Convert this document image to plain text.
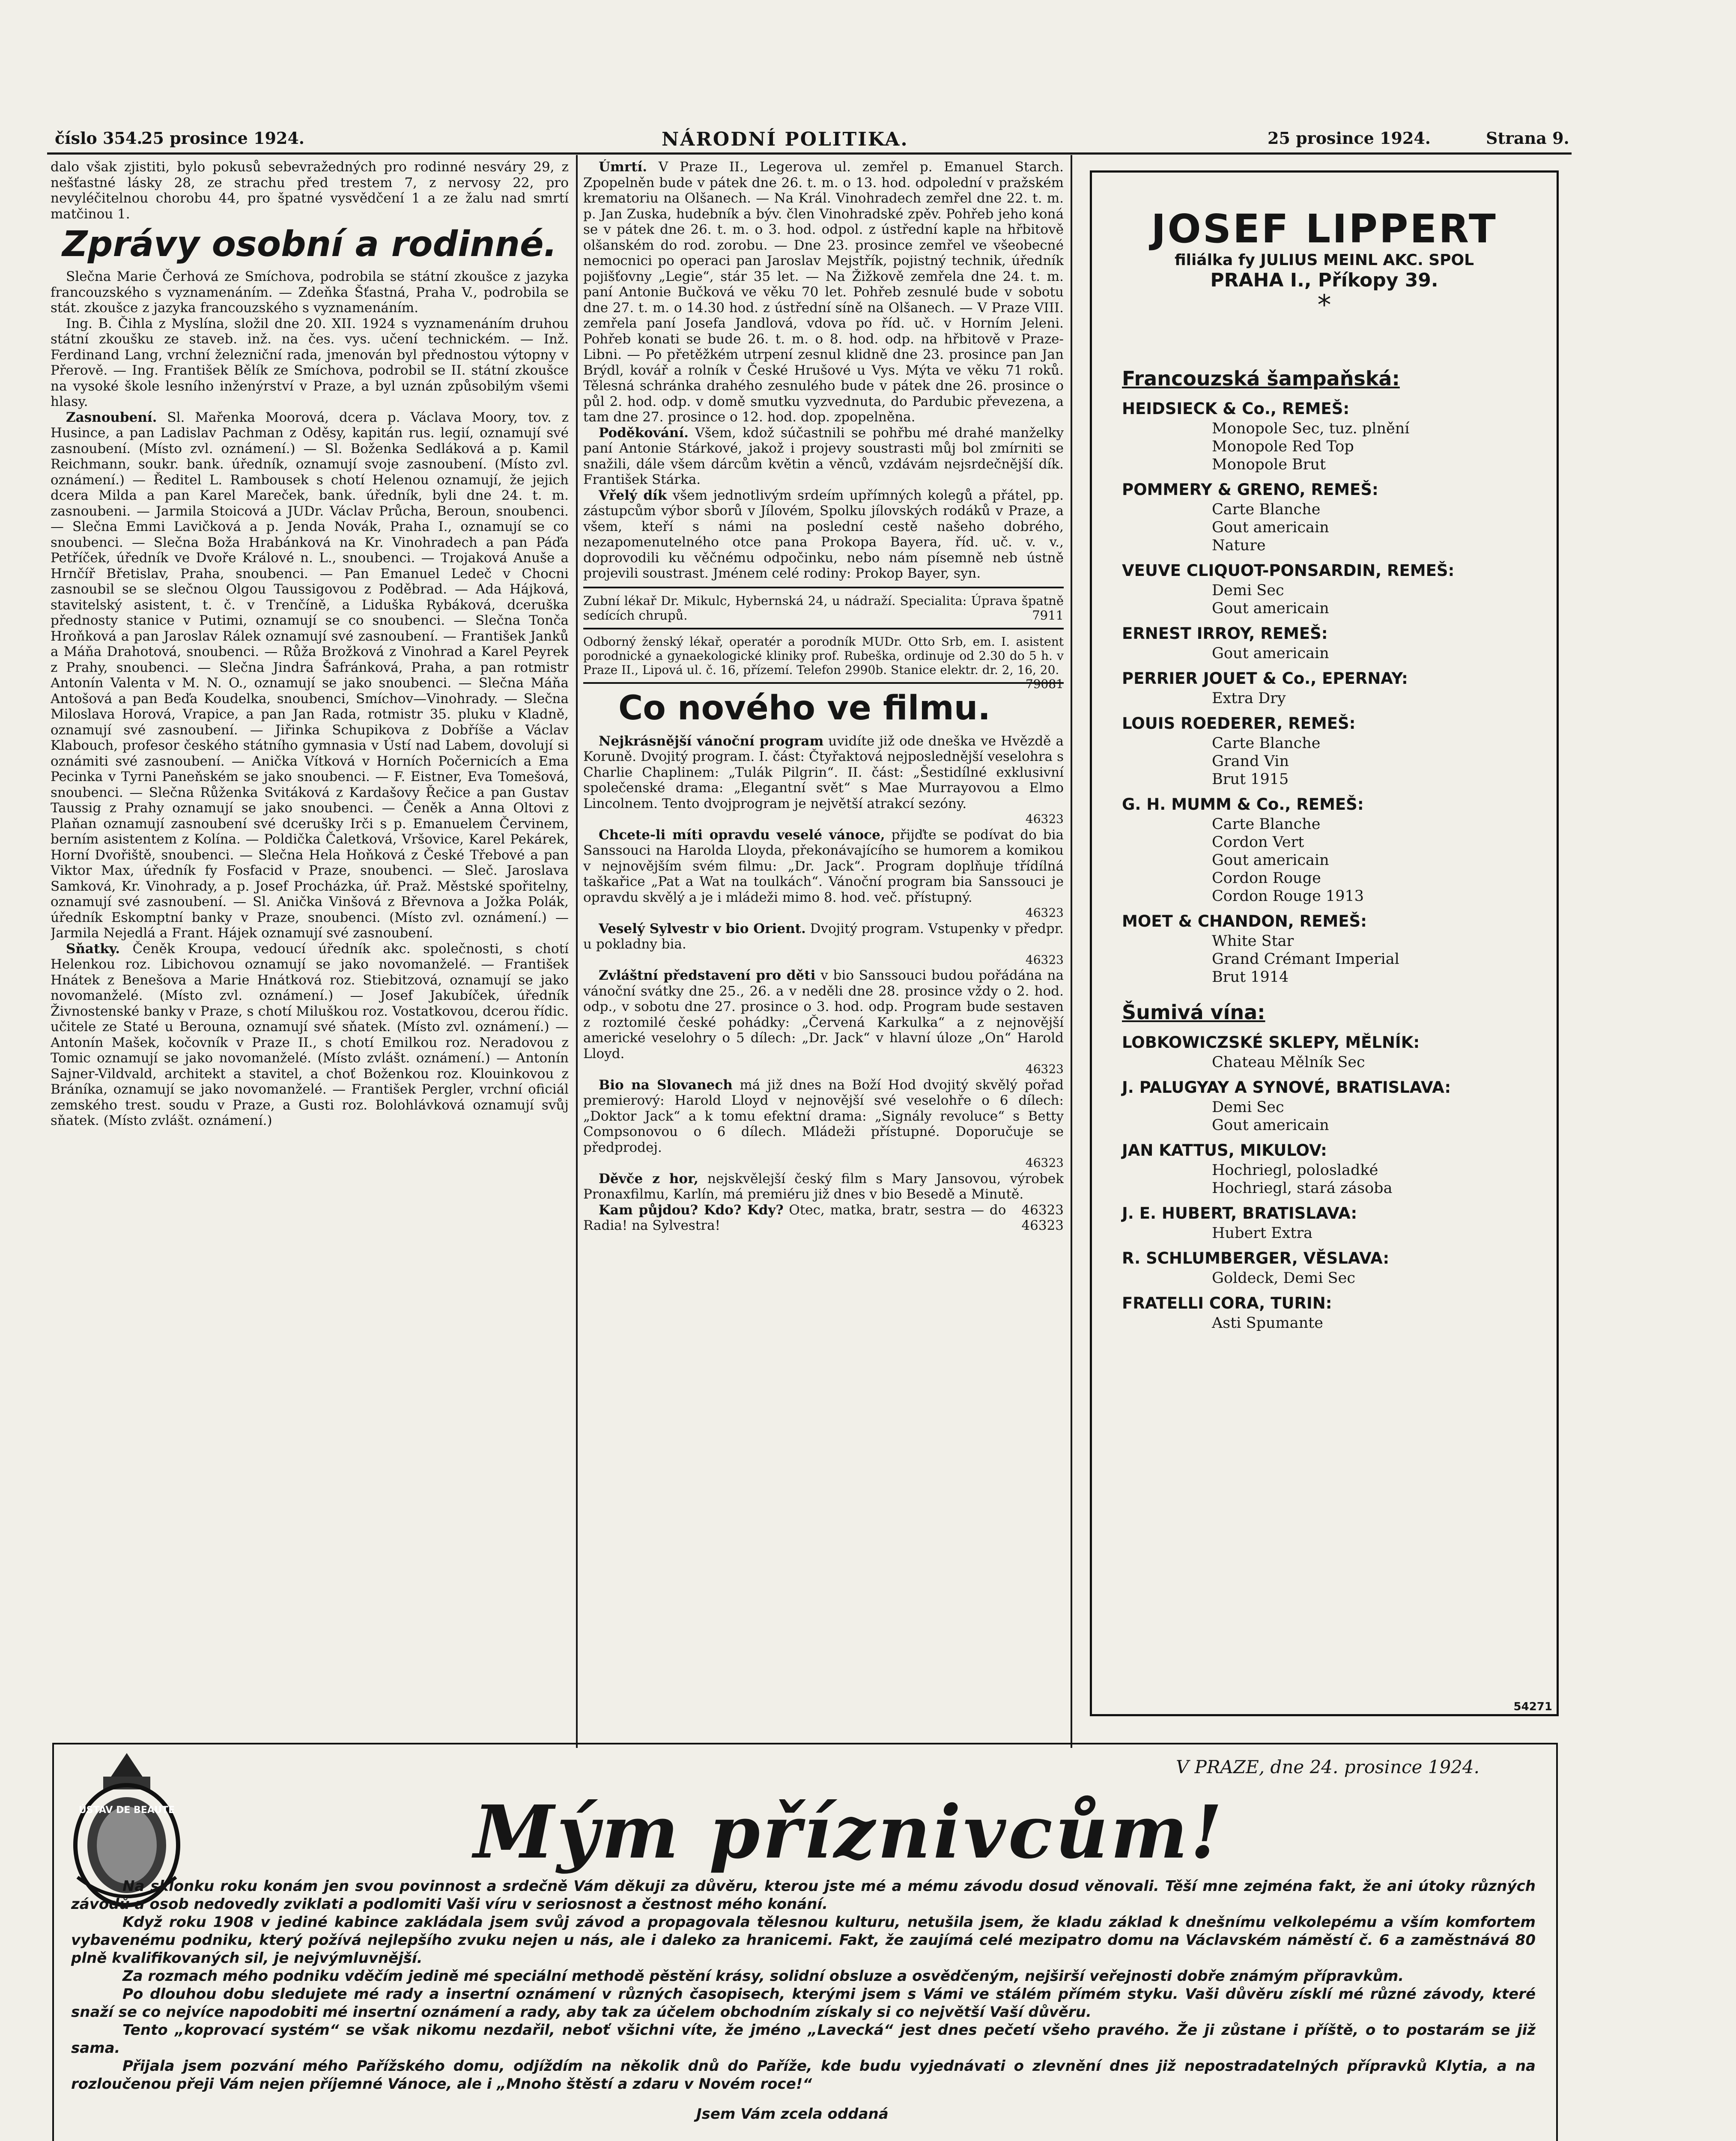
číslo 354.
25 prosince 1924.	NÁRODNÍ POLITIKA.	25 prosince 1924.	Strana 9.

dalo však zjistiti, bylo pokusů sebevražedných pro rodinné nesváry 29, z nešťastné lásky 28, ze strachu před trestem 7, z nervosy 22, pro nevyléčitelnou chorobu 44, pro špatné vysvědčení 1 a ze žalu nad smrtí matčinou 1.

Zprávy osobní a rodinné.

Slečna Marie Čerhová ze Smíchova, podrobila se státní zkoušce z jazyka francouzského s vyznamenáním. — Zdeňka Šťastná, Praha V., podrobila se stát. zkoušce z jazyka francouzského s vyznamenáním.

Ing. B. Čihla z Myslína, složil dne 20. XII. 1924 s vyznamenáním druhou státní zkoušku ze staveb. inž. na čes. vys. učení technickém. — Inž. Ferdinand Lang, vrchní železniční rada, jmenován byl přednostou výtopny v Přerově. — Ing. František Bělík ze Smíchova, podrobil se II. státní zkoušce na vysoké škole lesního inženýrství v Praze, a byl uznán způsobilým všemi hlasy.

Zasnoubení. Sl. Mařenka Moorová, dcera p. Václava Moory, tov. z Husince, a pan Ladislav Pachman z Oděsy, kapitán rus. legií, oznamují své zasnoubení. (Místo zvl. oznámení.) — Sl. Boženka Sedláková a p. Kamil Reichmann, soukr. bank. úředník, oznamují svoje zasnoubení. (Místo zvl. oznámení.) — Ředitel L. Rambousek s chotí Helenou oznamují, že jejich dcera Milda a pan Karel Mareček, bank. úředník, byli dne 24. t. m. zasnoubeni. — Jarmila Stoicová a JUDr. Václav Průcha, Beroun, snoubenci. — Slečna Emmi Lavičková a p. Jenda Novák, Praha I., oznamují se co snoubenci. — Slečna Boža Hrabánková na Kr. Vinohradech a pan Páďa Petříček, úředník ve Dvoře Králové n. L., snoubenci. — Trojaková Anuše a Hrnčíř Břetislav, Praha, snoubenci. — Pan Emanuel Ledeč v Chocni zasnoubil se se slečnou Olgou Taussigovou z Poděbrad. — Ada Hájková, stavitelský asistent, t. č. v Trenčíně, a Liduška Rybáková, dceruška přednosty stanice v Putimi, oznamují se co snoubenci. — Slečna Tonča Hroňková a pan Jaroslav Rálek oznamují své zasnoubení. — František Janků a Máňa Drahotová, snoubenci. — Růža Brožková z Vinohrad a Karel Peyrek z Prahy, snoubenci. — Slečna Jindra Šafránková, Praha, a pan rotmistr Antonín Valenta v M. N. O., oznamují se jako snoubenci. — Slečna Máňa Antošová a pan Beďa Koudelka, snoubenci, Smíchov—Vinohrady. — Slečna Miloslava Horová, Vrapice, a pan Jan Rada, rotmistr 35. pluku v Kladně, oznamují své zasnoubení. — Jiřinka Schupikova z Dobříše a Václav Klabouch, profesor českého státního gymnasia v Ústí nad Labem, dovolují si oznámiti své zasnoubení. — Anička Vítková v Horních Počernicích a Ema Pecinka v Tyrni Paneňském se jako snoubenci. — F. Eistner, Eva Tomešová, snoubenci. — Slečna Růženka Svitáková z Kardašovy Řečice a pan Gustav Taussig z Prahy oznamují se jako snoubenci. — Čeněk a Anna Oltovi z Plaňan oznamují zasnoubení své dcerušky Irči s p. Emanuelem Červinem, berním asistentem z Kolína. — Poldička Čaletková, Vršovice, Karel Pekárek, Horní Dvořiště, snoubenci. — Slečna Hela Hoňková z České Třebové a pan Viktor Max, úředník fy Fosfacid v Praze, snoubenci. — Sleč. Jaroslava Samková, Kr. Vinohrady, a p. Josef Procházka, úř. Praž. Městské spořitelny, oznamují své zasnoubení. — Sl. Anička Vinšová z Břevnova a Jožka Polák, úředník Eskomptní banky v Praze, snoubenci. (Místo zvl. oznámení.) — Jarmila Nejedlá a Frant. Hájek oznamují své zasnoubení.

Sňatky. Čeněk Kroupa, vedoucí úředník akc. společnosti, s chotí Helenkou roz. Libichovou oznamují se jako novomanželé. — František Hnátek z Benešova a Marie Hnátková roz. Stiebitzová, oznamují se jako novomanželé. (Místo zvl. oznámení.) — Josef Jakubíček, úředník Živnostenské banky v Praze, s chotí Miluškou roz. Vostatkovou, dcerou řídic. učitele ze Staté u Berouna, oznamují své sňatek. (Místo zvl. oznámení.) — Antonín Mašek, kočovník v Praze II., s chotí Emilkou roz. Neradovou z Tomic oznamují se jako novomanželé. (Místo zvlášt. oznámení.) — Antonín Sajner-Vildvald, architekt a stavitel, a choť Boženkou roz. Klouinkovou z Bráníka, oznamují se jako novomanželé. — František Pergler, vrchní oficiál zemského trest. soudu v Praze, a Gusti roz. Bolohlávková oznamují svůj sňatek. (Místo zvlášt. oznámení.)

Úmrtí. V Praze II., Legerova ul. zemřel p. Emanuel Starch. Zpopelněn bude v pátek dne 26. t. m. o 13. hod. odpolední v pražském krematoriu na Olšanech. — Na Král. Vinohradech zemřel dne 22. t. m. p. Jan Zuska, hudebník a býv. člen Vinohradské zpěv. Pohřeb jeho koná se v pátek dne 26. t. m. o 3. hod. odpol. z ústřední kaple na hřbitově olšanském do rod. zorobu. — Dne 23. prosince zemřel ve všeobecné nemocnici po operaci pan Jaroslav Mejstřík, pojistný technik, úředník pojišťovny „Legie“, stár 35 let. — Na Žižkově zemřela dne 24. t. m. paní Antonie Bučková ve věku 70 let. Pohřeb zesnulé bude v sobotu dne 27. t. m. o 14.30 hod. z ústřední síně na Olšanech. — V Praze VIII. zemřela paní Josefa Jandlová, vdova po říd. uč. v Horním Jeleni. Pohřeb konati se bude 26. t. m. o 8. hod. odp. na hřbitově v Praze-Libni. — Po přetěžkém utrpení zesnul klidně dne 23. prosince pan Jan Brýdl, kovář a rolník v České Hrušové u Vys. Mýta ve věku 71 roků. Tělesná schránka drahého zesnulého bude v pátek dne 26. prosince o půl 2. hod. odp. v domě smutku vyzvednuta, do Pardubic převezena, a tam dne 27. prosince o 12. hod. dop. zpopelněna.

Poděkování. Všem, kdož súčastnili se pohřbu mé drahé manželky paní Antonie Stárkové, jakož i projevy soustrasti můj bol zmírniti se snažili, dále všem dárcům květin a věnců, vzdávám nejsrdečnější dík. František Stárka.

Vřelý dík všem jednotlivým srdeím upřímných kolegů a přátel, pp. zástupcům výbor sborů v Jílovém, Spolku jílovských rodáků v Praze, a všem, kteří s námi na poslední cestě našeho dobrého, nezapomenutelného otce pana Prokopa Bayera, říd. uč. v. v., doprovodili ku věčnému odpočinku, nebo nám písemně neb ústně projevili soustrast. Jménem celé rodiny: Prokop Bayer, syn.

Zubní lékař Dr. Mikulc, Hybernská 24, u nádraží. Specialita: Úprava špatně sedících chrupů.	7911
Odborný ženský lékař, operatér a porodník MUDr. Otto Srb, em. I. asistent porodnické a gynaekologické kliniky prof. Rubeška, ordinuje od 2.30 do 5 h. v Praze II., Lipová ul. č. 16, přízemí. Telefon 2990b. Stanice elektr. dr. 2, 16, 20.
79081
Co nového ve filmu.

Nejkrásnější vánoční program uvidíte již ode dneška ve Hvězdě a Koruně. Dvojitý program. I. část: Čtyřaktová nejposlednější veselohra s Charlie Chaplinem: „Tulák Pilgrin“. II. část: „Šestidílné exklusivní společenské drama: „Elegantní svět“ s Mae Murrayovou a Elmo Lincolnem. Tento dvojprogram je největší atrakcí sezóny.

46323

Chcete-li míti opravdu veselé vánoce, přijďte se podívat do bia Sanssouci na Harolda Lloyda, překonávajícího se humorem a komikou v nejnovějším svém filmu: „Dr. Jack“. Program doplňuje třídílná taškařice „Pat a Wat na toulkách“. Vánoční program bia Sanssouci je opravdu skvělý a je i mládeži mimo 8. hod. več. přístupný.

46323

Veselý Sylvestr v bio Orient. Dvojitý program. Vstupenky v předpr. u pokladny bia.

46323

Zvláštní představení pro děti v bio Sanssouci budou pořádána na vánoční svátky dne 25., 26. a v neděli dne 28. prosince vždy o 2. hod. odp., v sobotu dne 27. prosince o 3. hod. odp. Program bude sestaven z roztomilé české pohádky: „Červená Karkulka“ a z nejnovější americké veselohry o 5 dílech: „Dr. Jack“ v hlavní úloze „On“ Harold Lloyd.

46323

Bio na Slovanech má již dnes na Boží Hod dvojitý skvělý pořad premierový: Harold Lloyd v nejnovější své veselohře o 6 dílech: „Doktor Jack“ a k tomu efektní drama: „Signály revoluce“ s Betty Compsonovou o 6 dílech. Mládeži přístupné. Doporučuje se předprodej.

46323

Děvče z hor, nejskvělejší český film s Mary Jansovou, výrobek Pronaxfilmu, Karlín, má premiéru již dnes v bio Besedě a Minutě.
46323

Kam půjdou? Kdo? Kdy? Otec, matka, bratr, sestra — do Radia! na Sylvestra!	46323

JOSEF LIPPERT
filiálka fy JULIUS MEINL AKC. SPOL
PRAHA I., Příkopy 39.
*
Francouzská šampaňská:
HEIDSIECK & Co., REMEŠ:
Monopole Sec, tuz. plnění
Monopole Red Top
Monopole Brut
POMMERY & GRENO, REMEŠ:
Carte Blanche
Gout americain
Nature
VEUVE CLIQUOT-PONSARDIN, REMEŠ:
Demi Sec
Gout americain
ERNEST IRROY, REMEŠ:
Gout americain
PERRIER JOUET & Co., EPERNAY:
Extra Dry
LOUIS ROEDERER, REMEŠ:
Carte Blanche
Grand Vin
Brut 1915
G. H. MUMM & Co., REMEŠ:
Carte Blanche
Cordon Vert
Gout americain
Cordon Rouge
Cordon Rouge 1913
MOET & CHANDON, REMEŠ:
White Star
Grand Crémant Imperial
Brut 1914
Šumivá vína:
LOBKOWICZSKÉ SKLEPY, MĚLNÍK:
Chateau Mělník Sec
J. PALUGYAY A SYNOVÉ, BRATISLAVA:
Demi Sec
Gout americain
JAN KATTUS, MIKULOV:
Hochriegl, polosladké
Hochriegl, stará zásoba
J. E. HUBERT, BRATISLAVA:
Hubert Extra
R. SCHLUMBERGER, VĚSLAVA:
Goldeck, Demi Sec
FRATELLI CORA, TURIN:
Asti Spumante
54271
ÚSTAV DE BEAUTE
V PRAZE, dne 24. prosince 1924.
Mým příznivcům!

Na sklonku roku konám jen svou povinnost a srdečně Vám děkuji za důvěru, kterou jste mé a mému závodu dosud věnovali. Těší mne zejména fakt, že ani útoky různých závodů a osob nedovedly zviklati a podlomiti Vaši víru v seriosnost a čestnost mého konání.

Když roku 1908 v jediné kabince zakládala jsem svůj závod a propagovala tělesnou kulturu, netušila jsem, že kladu základ k dnešnímu velkolepému a vším komfortem vybavenému podniku, který požívá nejlepšího zvuku nejen u nás, ale i daleko za hranicemi. Fakt, že zaujímá celé mezipatro domu na Václavském náměstí č. 6 a zaměstnává 80 plně kvalifikovaných sil, je nejvýmluvnější.

Za rozmach mého podniku vděčím jedině mé speciální methodě pěstění krásy, solidní obsluze a osvědčeným, nejširší veřejnosti dobře známým přípravkům.

Po dlouhou dobu sledujete mé rady a insertní oznámení v různých časopisech, kterými jsem s Vámi ve stálém přímém styku. Vaši důvěru získlí mé různé závody, které snaží se co nejvíce napodobiti mé insertní oznámení a rady, aby tak za účelem obchodním získaly si co největší Vaší důvěru.

Tento „koprovací systém“ se však nikomu nezdařil, neboť všichni víte, že jméno „Lavecká“ jest dnes pečetí všeho pravého. Že ji zůstane i příště, o to postarám se již sama.

Přijala jsem pozvání mého Pařížského domu, odjíždím na několik dnů do Paříže, kde budu vyjednávati o zlevnění dnes již nepostradatelných přípravků Klytia, a na rozloučenou přeji Vám nejen příjemné Vánoce, ale i „Mnoho štěstí a zdaru v Novém roce!“

Jsem Vám zcela oddaná
